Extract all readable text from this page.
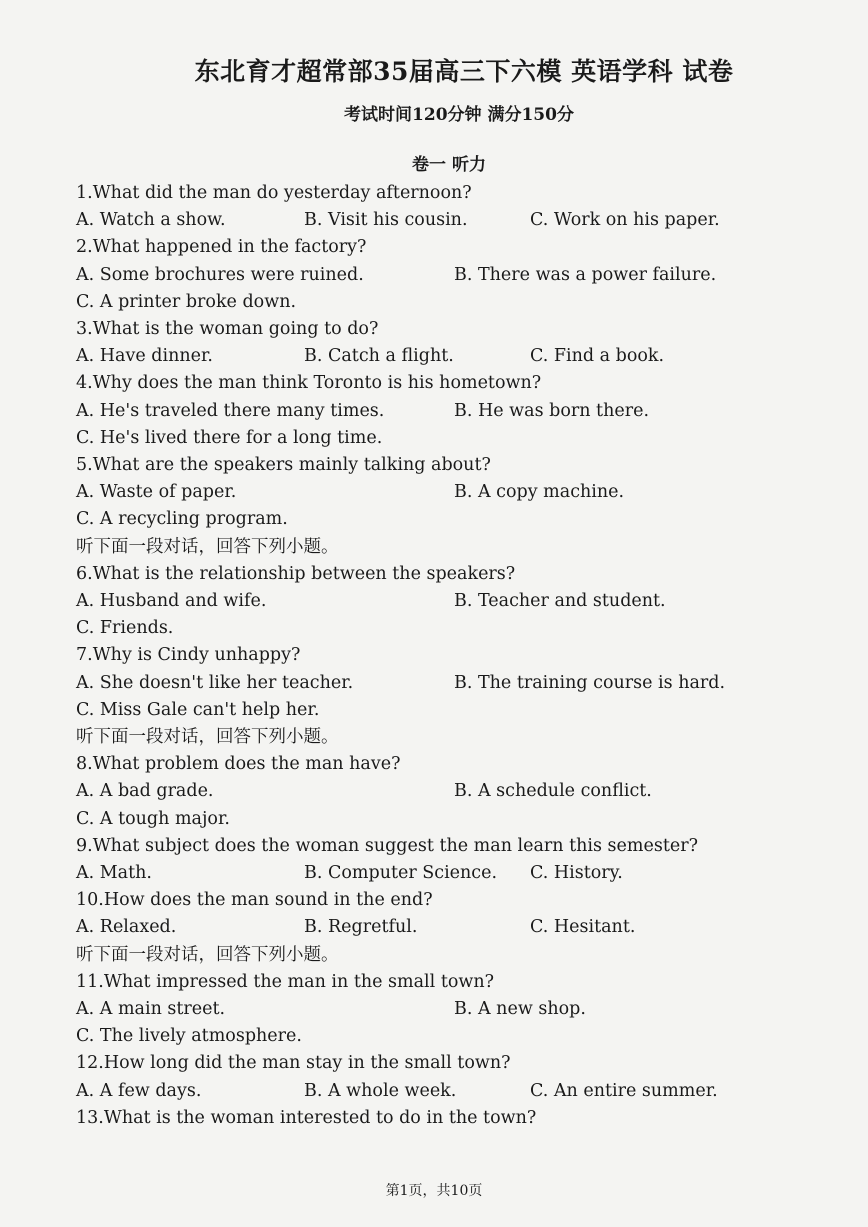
东北育才超常部35届高三下六模 英语学科 试卷
考试时间120分钟 满分150分
卷一 听力
1.What did the man do yesterday afternoon?
A. Watch a show.	B. Visit his cousin.	C. Work on his paper.
2.What happened in the factory?
A. Some brochures were ruined.	B. There was a power failure.
C. A printer broke down.
3.What is the woman going to do?
A. Have dinner.	B. Catch a flight.	C. Find a book.
4.Why does the man think Toronto is his hometown?
A. He's traveled there many times.	B. He was born there.
C. He's lived there for a long time.
5.What are the speakers mainly talking about?
A. Waste of paper.	B. A copy machine.
C. A recycling program.
听下面一段对话，回答下列小题。
6.What is the relationship between the speakers?
A. Husband and wife.	B. Teacher and student.
C. Friends.
7.Why is Cindy unhappy?
A. She doesn't like her teacher.	B. The training course is hard.
C. Miss Gale can't help her.
听下面一段对话，回答下列小题。
8.What problem does the man have?
A. A bad grade.	B. A schedule conflict.
C. A tough major.
9.What subject does the woman suggest the man learn this semester?
A. Math.	B. Computer Science. C. History.
10.How does the man sound in the end?
A. Relaxed.	B. Regretful.	C. Hesitant.
听下面一段对话，回答下列小题。
11.What impressed the man in the small town?
A. A main street.	B. A new shop.
C. The lively atmosphere.
12.How long did the man stay in the small town?
A. A few days.	B. A whole week.	C. An entire summer.
13.What is the woman interested to do in the town?
第1页，共10页
